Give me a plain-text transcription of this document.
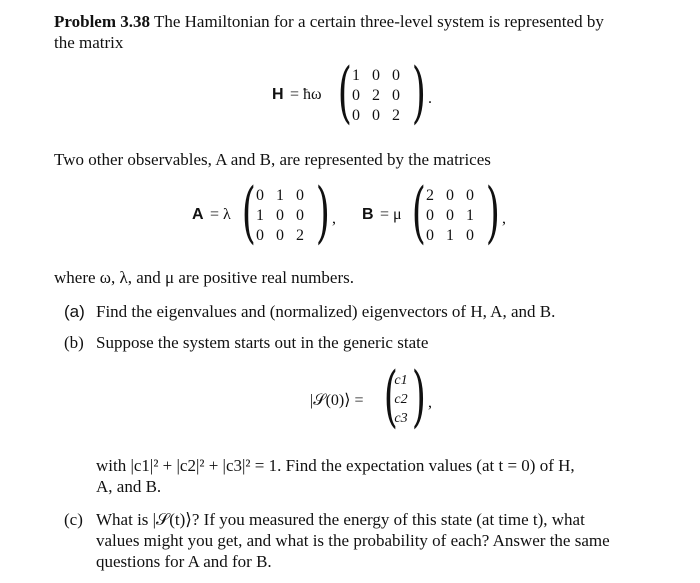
Problem 3.38 The Hamiltonian for a certain three-level system is represented by
the matrix
H = ħω ( 1	0	0
0	2	0
0	0	2 ) .
Two other observables, A and B, are represented by the matrices
A = λ ( 0	1	0
1	0	0
0	0	2 ) , B = μ ( 2	0	0
0	0	1
0	1	0 ) ,
where ω, λ, and μ are positive real numbers.
(a) Find the eigenvalues and (normalized) eigenvectors of H, A, and B.
(b) Suppose the system starts out in the generic state
|𝒮(0)⟩ = (
c1
c2
c3 ) ,
with |c1|² + |c2|² + |c3|² = 1. Find the expectation values (at t = 0) of H,
A, and B.
(c) What is |𝒮(t)⟩? If you measured the energy of this state (at time t), what
values might you get, and what is the probability of each? Answer the same
questions for A and for B.
